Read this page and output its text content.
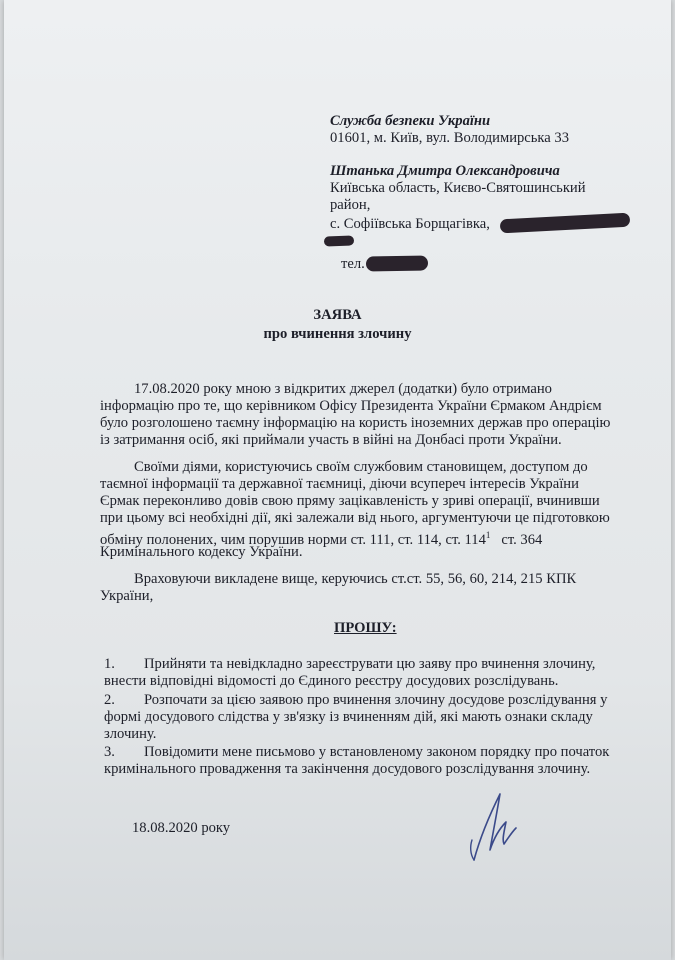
Служба безпеки України
01601, м. Київ, вул. Володимирська 33
Штанька Дмитра Олександровича
Київська область, Києво-Святошинський
район,
с. Софіївська Борщагівка,
тел.
ЗАЯВА
про вчинення злочину
17.08.2020 року мною з відкритих джерел (додатки) було отримано
інформацію про те, що керівником Офісу Президента України Єрмаком Андрієм
було розголошено таємну інформацію на користь іноземних держав про операцію
із затримання осіб, які приймали участь в війні на Донбасі проти України.
Своїми діями, користуючись своїм службовим становищем, доступом до
таємної інформації та державної таємниці, діючи всупереч інтересів України
Єрмак переконливо довів свою пряму зацікавленість у зриві операції, вчинивши
при цьому всі необхідні дії, які залежали від нього, аргументуючи це підготовкою
обміну полонених, чим порушив норми ст. 111, ст. 114, ст. $114^1$ ст. 364
Кримінального кодексу України.
Враховуючи викладене вище, керуючись ст.ст. 55, 56, 60, 214, 215 КПК
України,
ПРОШУ:
1. Прийняти та невідкладно зареєструвати цю заяву про вчинення злочину,
внести відповідні відомості до Єдиного реєстру досудових розслідувань.
2. Розпочати за цією заявою про вчинення злочину досудове розслідування у
формі досудового слідства у зв'язку із вчиненням дій, які мають ознаки складу
злочину.
3. Повідомити мене письмово у встановленому законом порядку про початок
кримінального провадження та закінчення досудового розслідування злочину.
18.08.2020 року
